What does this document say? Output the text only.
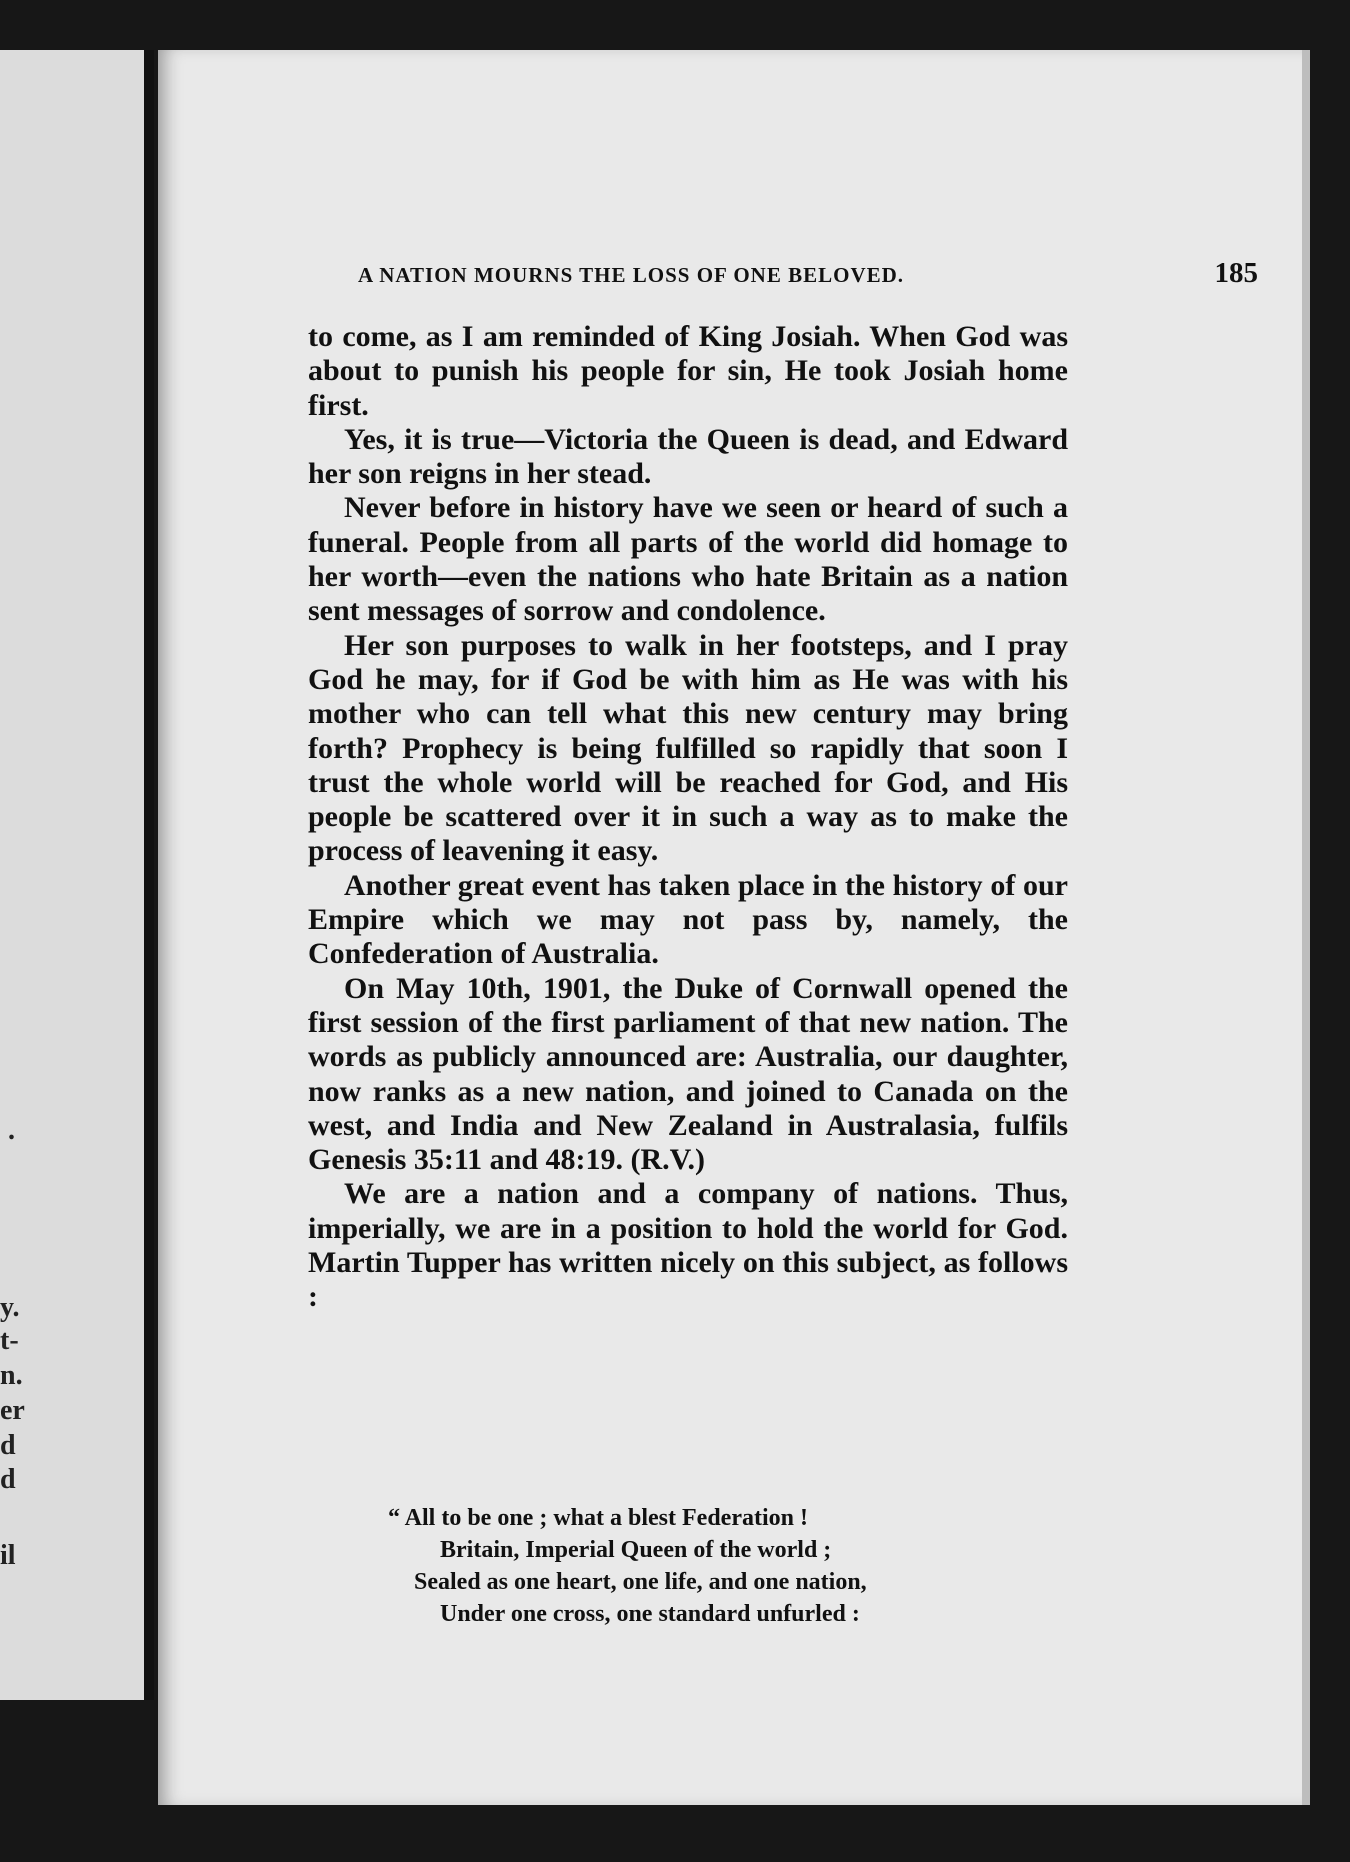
.
y.
t-
n.
er
d
d
il
A NATION MOURNS THE LOSS OF ONE BELOVED.	185

to come, as I am reminded of King Josiah. When God was about to punish his people for sin, He took Josiah home first.

Yes, it is true—Victoria the Queen is dead, and Edward her son reigns in her stead.

Never before in history have we seen or heard of such a funeral. People from all parts of the world did homage to her worth—even the nations who hate Britain as a nation sent messages of sorrow and condolence.

Her son purposes to walk in her footsteps, and I pray God he may, for if God be with him as He was with his mother who can tell what this new century may bring forth? Prophecy is being fulfilled so rapidly that soon I trust the whole world will be reached for God, and His people be scattered over it in such a way as to make the process of leavening it easy.

Another great event has taken place in the history of our Empire which we may not pass by, namely, the Confederation of Australia.

On May 10th, 1901, the Duke of Cornwall opened the first session of the first parliament of that new nation. The words as publicly announced are: Australia, our daughter, now ranks as a new nation, and joined to Canada on the west, and India and New Zealand in Australasia, fulfils Genesis 35:11 and 48:19. (R.V.)

We are a nation and a company of nations. Thus, imperially, we are in a position to hold the world for God. Martin Tupper has written nicely on this subject, as follows :

“ All to be one ; what a blest Federation !
Britain, Imperial Queen of the world ;
Sealed as one heart, one life, and one nation,
Under one cross, one standard unfurled :
